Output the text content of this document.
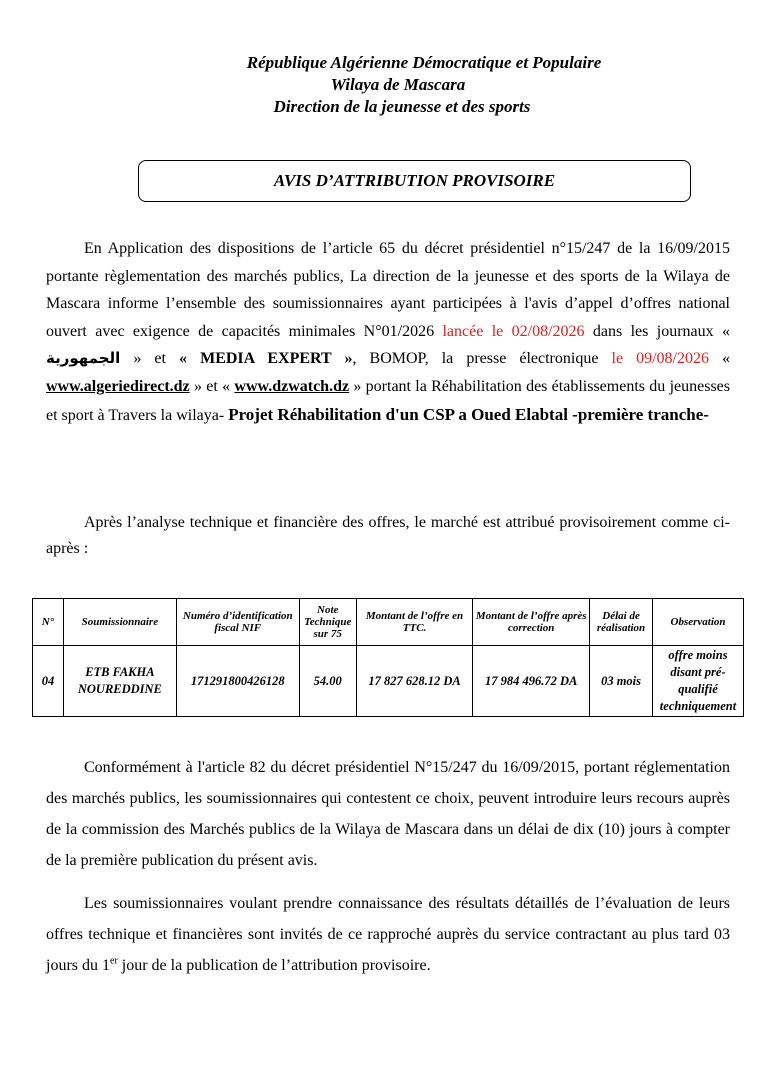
République Algérienne Démocratique et Populaire
Wilaya de Mascara
Direction de la jeunesse et des sports
AVIS D’ATTRIBUTION PROVISOIRE
En Application des dispositions de l’article 65 du décret présidentiel n°15/247 de la 16/09/2015 portante règlementation des marchés publics, La direction de la jeunesse et des sports de la Wilaya de Mascara informe l’ensemble des soumissionnaires ayant participées à l'avis d’appel d’offres national ouvert avec exigence de capacités minimales N°01/2026 lancée le 02/08/2026 dans les journaux « الجمهورية » et « MEDIA EXPERT », BOMOP, la presse électronique le 09/08/2026 « www.algeriedirect.dz » et « www.dzwatch.dz » portant la Réhabilitation des établissements du jeunesses et sport à Travers la wilaya- Projet Réhabilitation d'un CSP a Oued Elabtal -première tranche-
Après l’analyse technique et financière des offres, le marché est attribué provisoirement comme ci-après :
N°	Soumissionnaire	Numéro d’identification fiscal NIF	Note Technique sur 75	Montant de l’offre en TTC.	Montant de l’offre après correction	Délai de réalisation	Observation
04	ETB FAKHA NOUREDDINE	171291800426128	54.00	17 827 628.12 DA	17 984 496.72 DA	03 mois	offre moins disant pré-qualifié techniquement
Conformément à l'article 82 du décret présidentiel N°15/247 du 16/09/2015, portant réglementation des marchés publics, les soumissionnaires qui contestent ce choix, peuvent introduire leurs recours auprès de la commission des Marchés publics de la Wilaya de Mascara dans un délai de dix (10) jours à compter de la première publication du présent avis.
Les soumissionnaires voulant prendre connaissance des résultats détaillés de l’évaluation de leurs offres technique et financières sont invités de ce rapproché auprès du service contractant au plus tard 03 jours du 1er jour de la publication de l’attribution provisoire.
